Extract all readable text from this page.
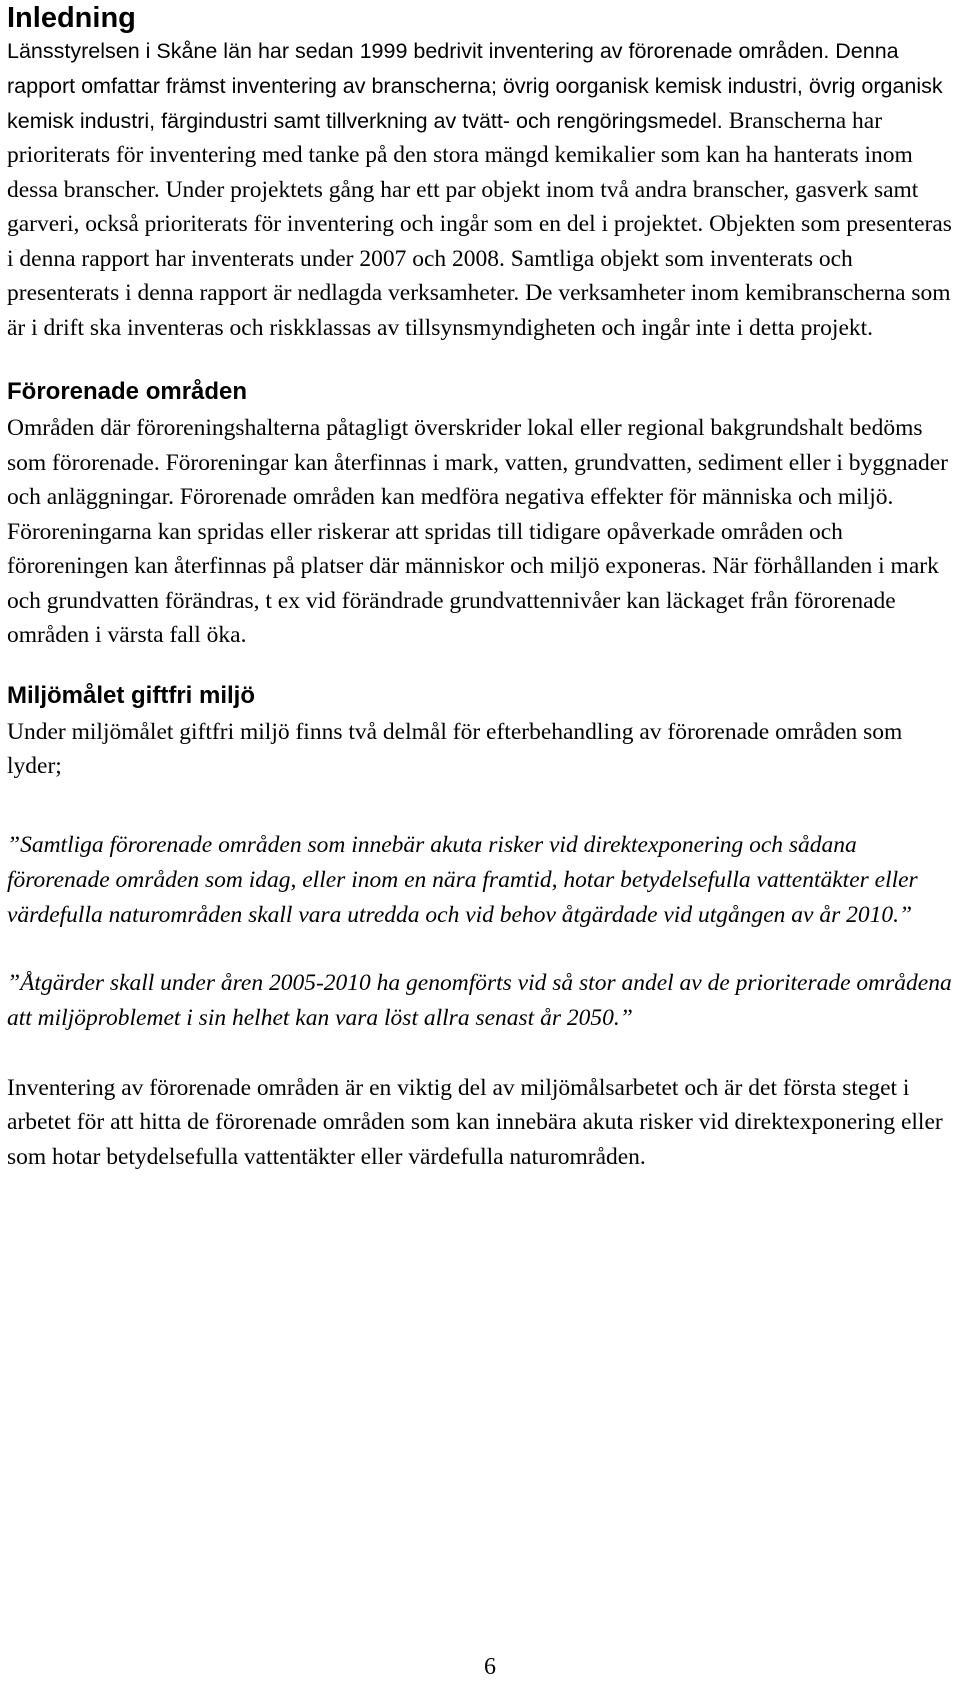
Inledning

Länsstyrelsen i Skåne län har sedan 1999 bedrivit inventering av förorenade områden. Denna rapport omfattar främst inventering av branscherna; övrig oorganisk kemisk industri, övrig organisk kemisk industri, färgindustri samt tillverkning av tvätt- och rengöringsmedel.

Branscherna har prioriterats för inventering med tanke på den stora mängd kemikalier som kan ha hanterats inom dessa branscher. Under projektets gång har ett par objekt inom två andra branscher, gasverk samt garveri, också prioriterats för inventering och ingår som en del i projektet. Objekten som presenteras i denna rapport har inventerats under 2007 och 2008. Samtliga objekt som inventerats och presenterats i denna rapport är nedlagda verksamheter. De verksamheter inom kemibranscherna som är i drift ska inventeras och riskklassas av tillsynsmyndigheten och ingår inte i detta projekt.

Förorenade områden

Områden där föroreningshalterna påtagligt överskrider lokal eller regional bakgrundshalt bedöms som förorenade. Föroreningar kan återfinnas i mark, vatten, grundvatten, sediment eller i byggnader och anläggningar. Förorenade områden kan medföra negativa effekter för människa och miljö. Föroreningarna kan spridas eller riskerar att spridas till tidigare opåverkade områden och föroreningen kan återfinnas på platser där människor och miljö exponeras. När förhållanden i mark och grundvatten förändras, t ex vid förändrade grundvattennivåer kan läckaget från förorenade områden i värsta fall öka.

Miljömålet giftfri miljö

Under miljömålet giftfri miljö finns två delmål för efterbehandling av förorenade områden som lyder;

”Samtliga förorenade områden som innebär akuta risker vid direktexponering och sådana förorenade områden som idag, eller inom en nära framtid, hotar betydelsefulla vattentäkter eller värdefulla naturområden skall vara utredda och vid behov åtgärdade vid utgången av år 2010.”

”Åtgärder skall under åren 2005-2010 ha genomförts vid så stor andel av de prioriterade områdena att miljöproblemet i sin helhet kan vara löst allra senast år 2050.”

Inventering av förorenade områden är en viktig del av miljömålsarbetet och är det första steget i arbetet för att hitta de förorenade områden som kan innebära akuta risker vid direktexponering eller som hotar betydelsefulla vattentäkter eller värdefulla naturområden.

6
